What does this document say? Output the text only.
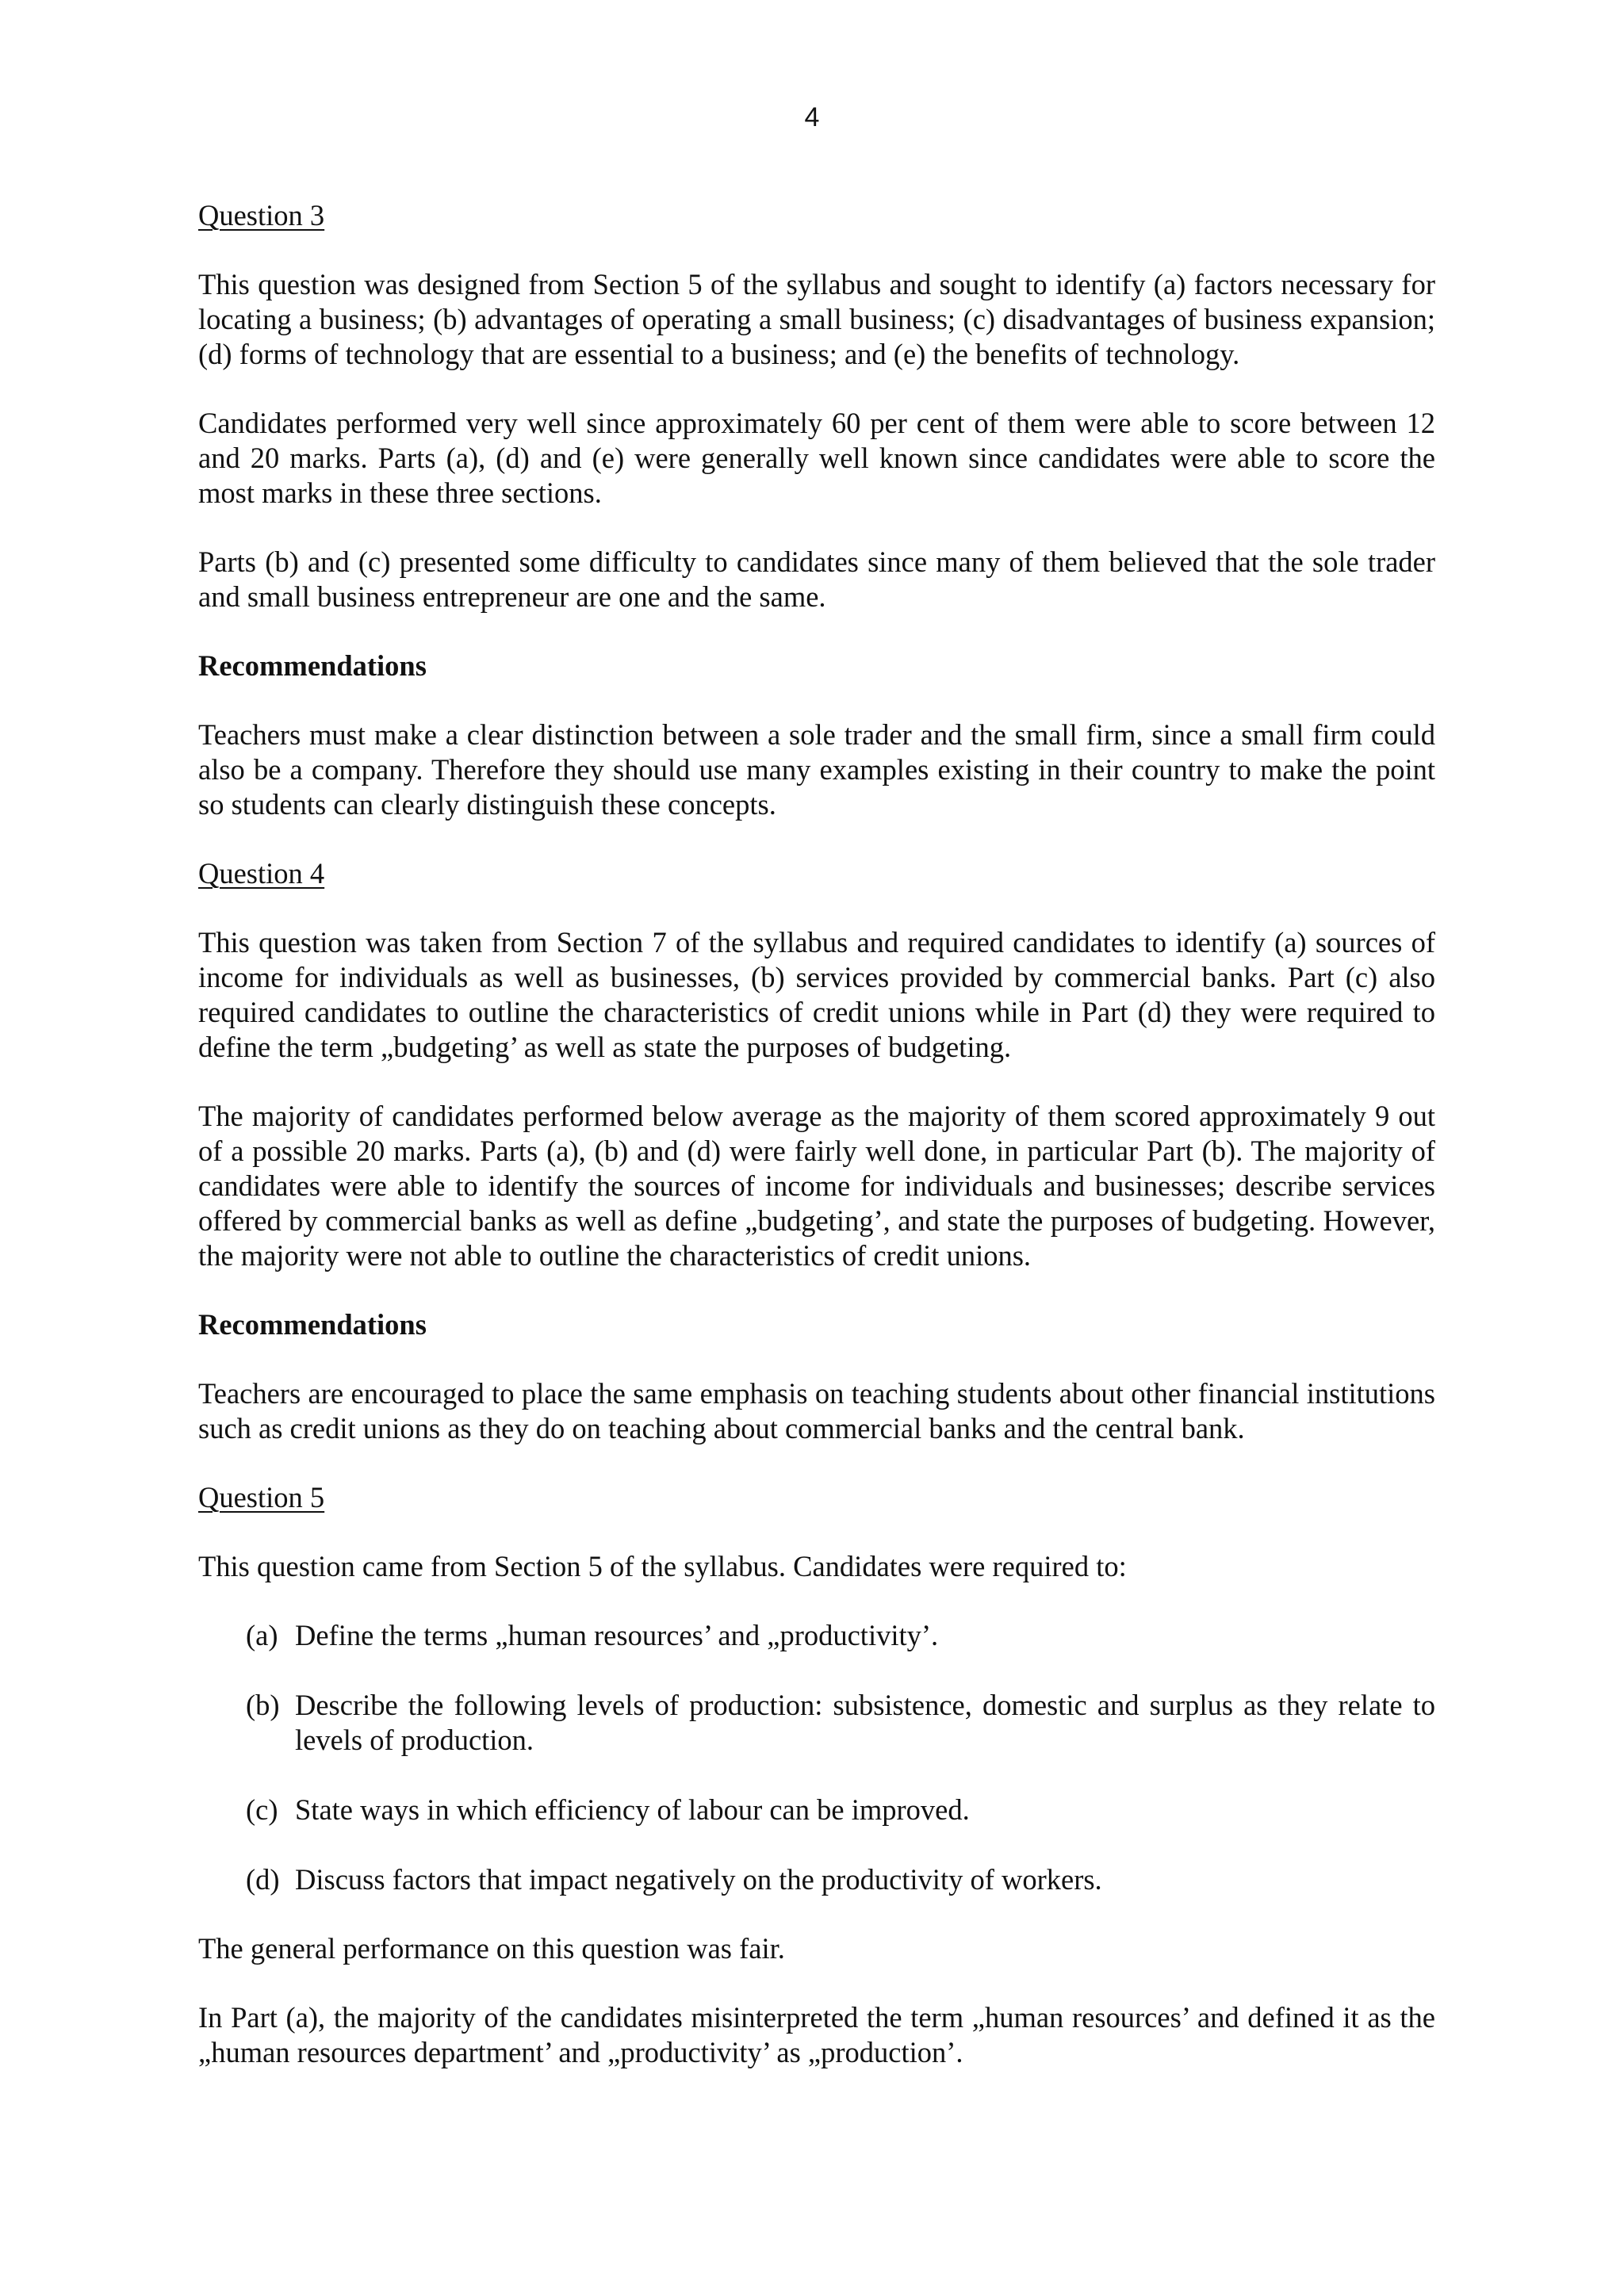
4

Question 3

This question was designed from Section 5 of the syllabus and sought to identify (a) factors necessary for locating a business; (b) advantages of operating a small business; (c) disadvantages of business expansion; (d) forms of technology that are essential to a business; and (e) the benefits of technology.

Candidates performed very well since approximately 60 per cent of them were able to score between 12 and 20 marks. Parts (a), (d) and (e) were generally well known since candidates were able to score the most marks in these three sections.

Parts (b) and (c) presented some difficulty to candidates since many of them believed that the sole trader and small business entrepreneur are one and the same.

Recommendations

Teachers must make a clear distinction between a sole trader and the small firm, since a small firm could also be a company. Therefore they should use many examples existing in their country to make the point so students can clearly distinguish these concepts.

Question 4

This question was taken from Section 7 of the syllabus and required candidates to identify (a) sources of income for individuals as well as businesses, (b) services provided by commercial banks. Part (c) also required candidates to outline the characteristics of credit unions while in Part (d) they were required to define the term „budgeting’ as well as state the purposes of budgeting.

The majority of candidates performed below average as the majority of them scored approximately 9 out of a possible 20 marks. Parts (a), (b) and (d) were fairly well done, in particular Part (b). The majority of candidates were able to identify the sources of income for individuals and businesses; describe services offered by commercial banks as well as define „budgeting’, and state the purposes of budgeting. However, the majority were not able to outline the characteristics of credit unions.

Recommendations

Teachers are encouraged to place the same emphasis on teaching students about other financial institutions such as credit unions as they do on teaching about commercial banks and the central bank.

Question 5

This question came from Section 5 of the syllabus. Candidates were required to:

(a) Define the terms „human resources’ and „productivity’.
(b) Describe the following levels of production: subsistence, domestic and surplus as they relate to levels of production.
(c) State ways in which efficiency of labour can be improved.
(d) Discuss factors that impact negatively on the productivity of workers.

The general performance on this question was fair.

In Part (a), the majority of the candidates misinterpreted the term „human resources’ and defined it as the „human resources department’ and „productivity’ as „production’.
